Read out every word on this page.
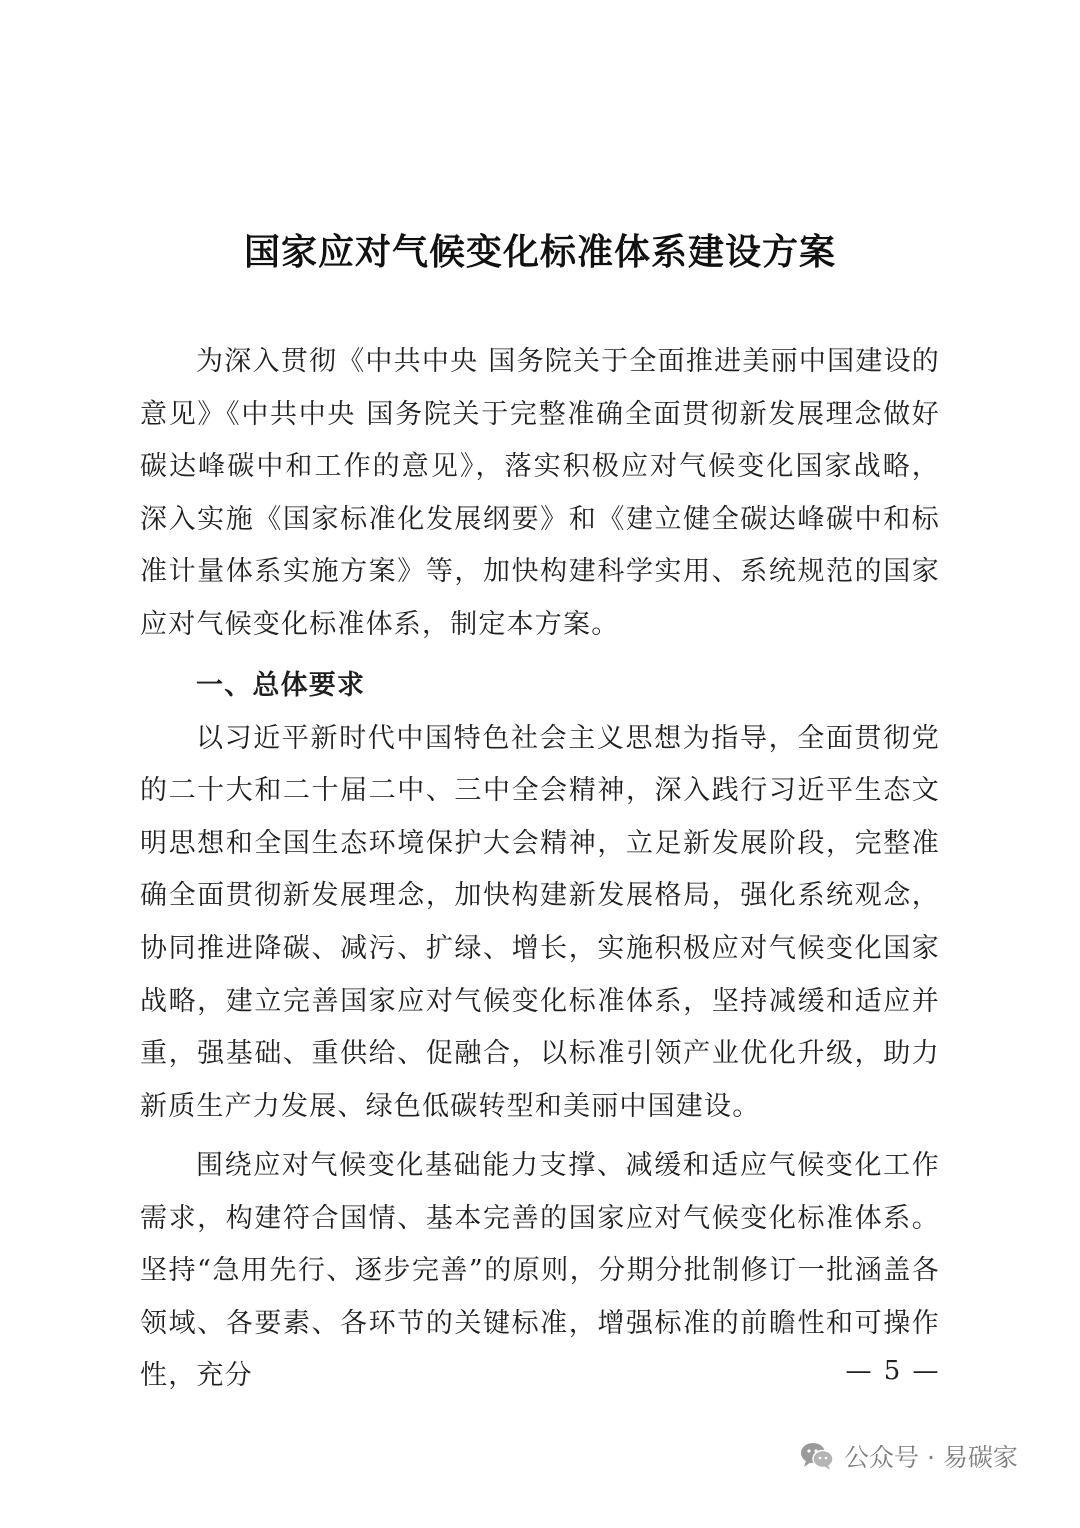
国家应对气候变化标准体系建设方案

为深入贯彻《中共中央 国务院关于全面推进美丽中国建设的意见》《中共中央 国务院关于完整准确全面贯彻新发展理念做好碳达峰碳中和工作的意见》，落实积极应对气候变化国家战略，深入实施《国家标准化发展纲要》和《建立健全碳达峰碳中和标准计量体系实施方案》等，加快构建科学实用、系统规范的国家应对气候变化标准体系，制定本方案。

一、总体要求

以习近平新时代中国特色社会主义思想为指导，全面贯彻党的二十大和二十届二中、三中全会精神，深入践行习近平生态文明思想和全国生态环境保护大会精神，立足新发展阶段，完整准确全面贯彻新发展理念，加快构建新发展格局，强化系统观念，协同推进降碳、减污、扩绿、增长，实施积极应对气候变化国家战略，建立完善国家应对气候变化标准体系，坚持减缓和适应并重，强基础、重供给、促融合，以标准引领产业优化升级，助力新质生产力发展、绿色低碳转型和美丽中国建设。

围绕应对气候变化基础能力支撑、减缓和适应气候变化工作需求，构建符合国情、基本完善的国家应对气候变化标准体系。坚持“急用先行、逐步完善”的原则，分期分批制修订一批涵盖各领域、各要素、各环节的关键标准，增强标准的前瞻性和可操作性，充分	— 5 —
公众号 · 易碳家
